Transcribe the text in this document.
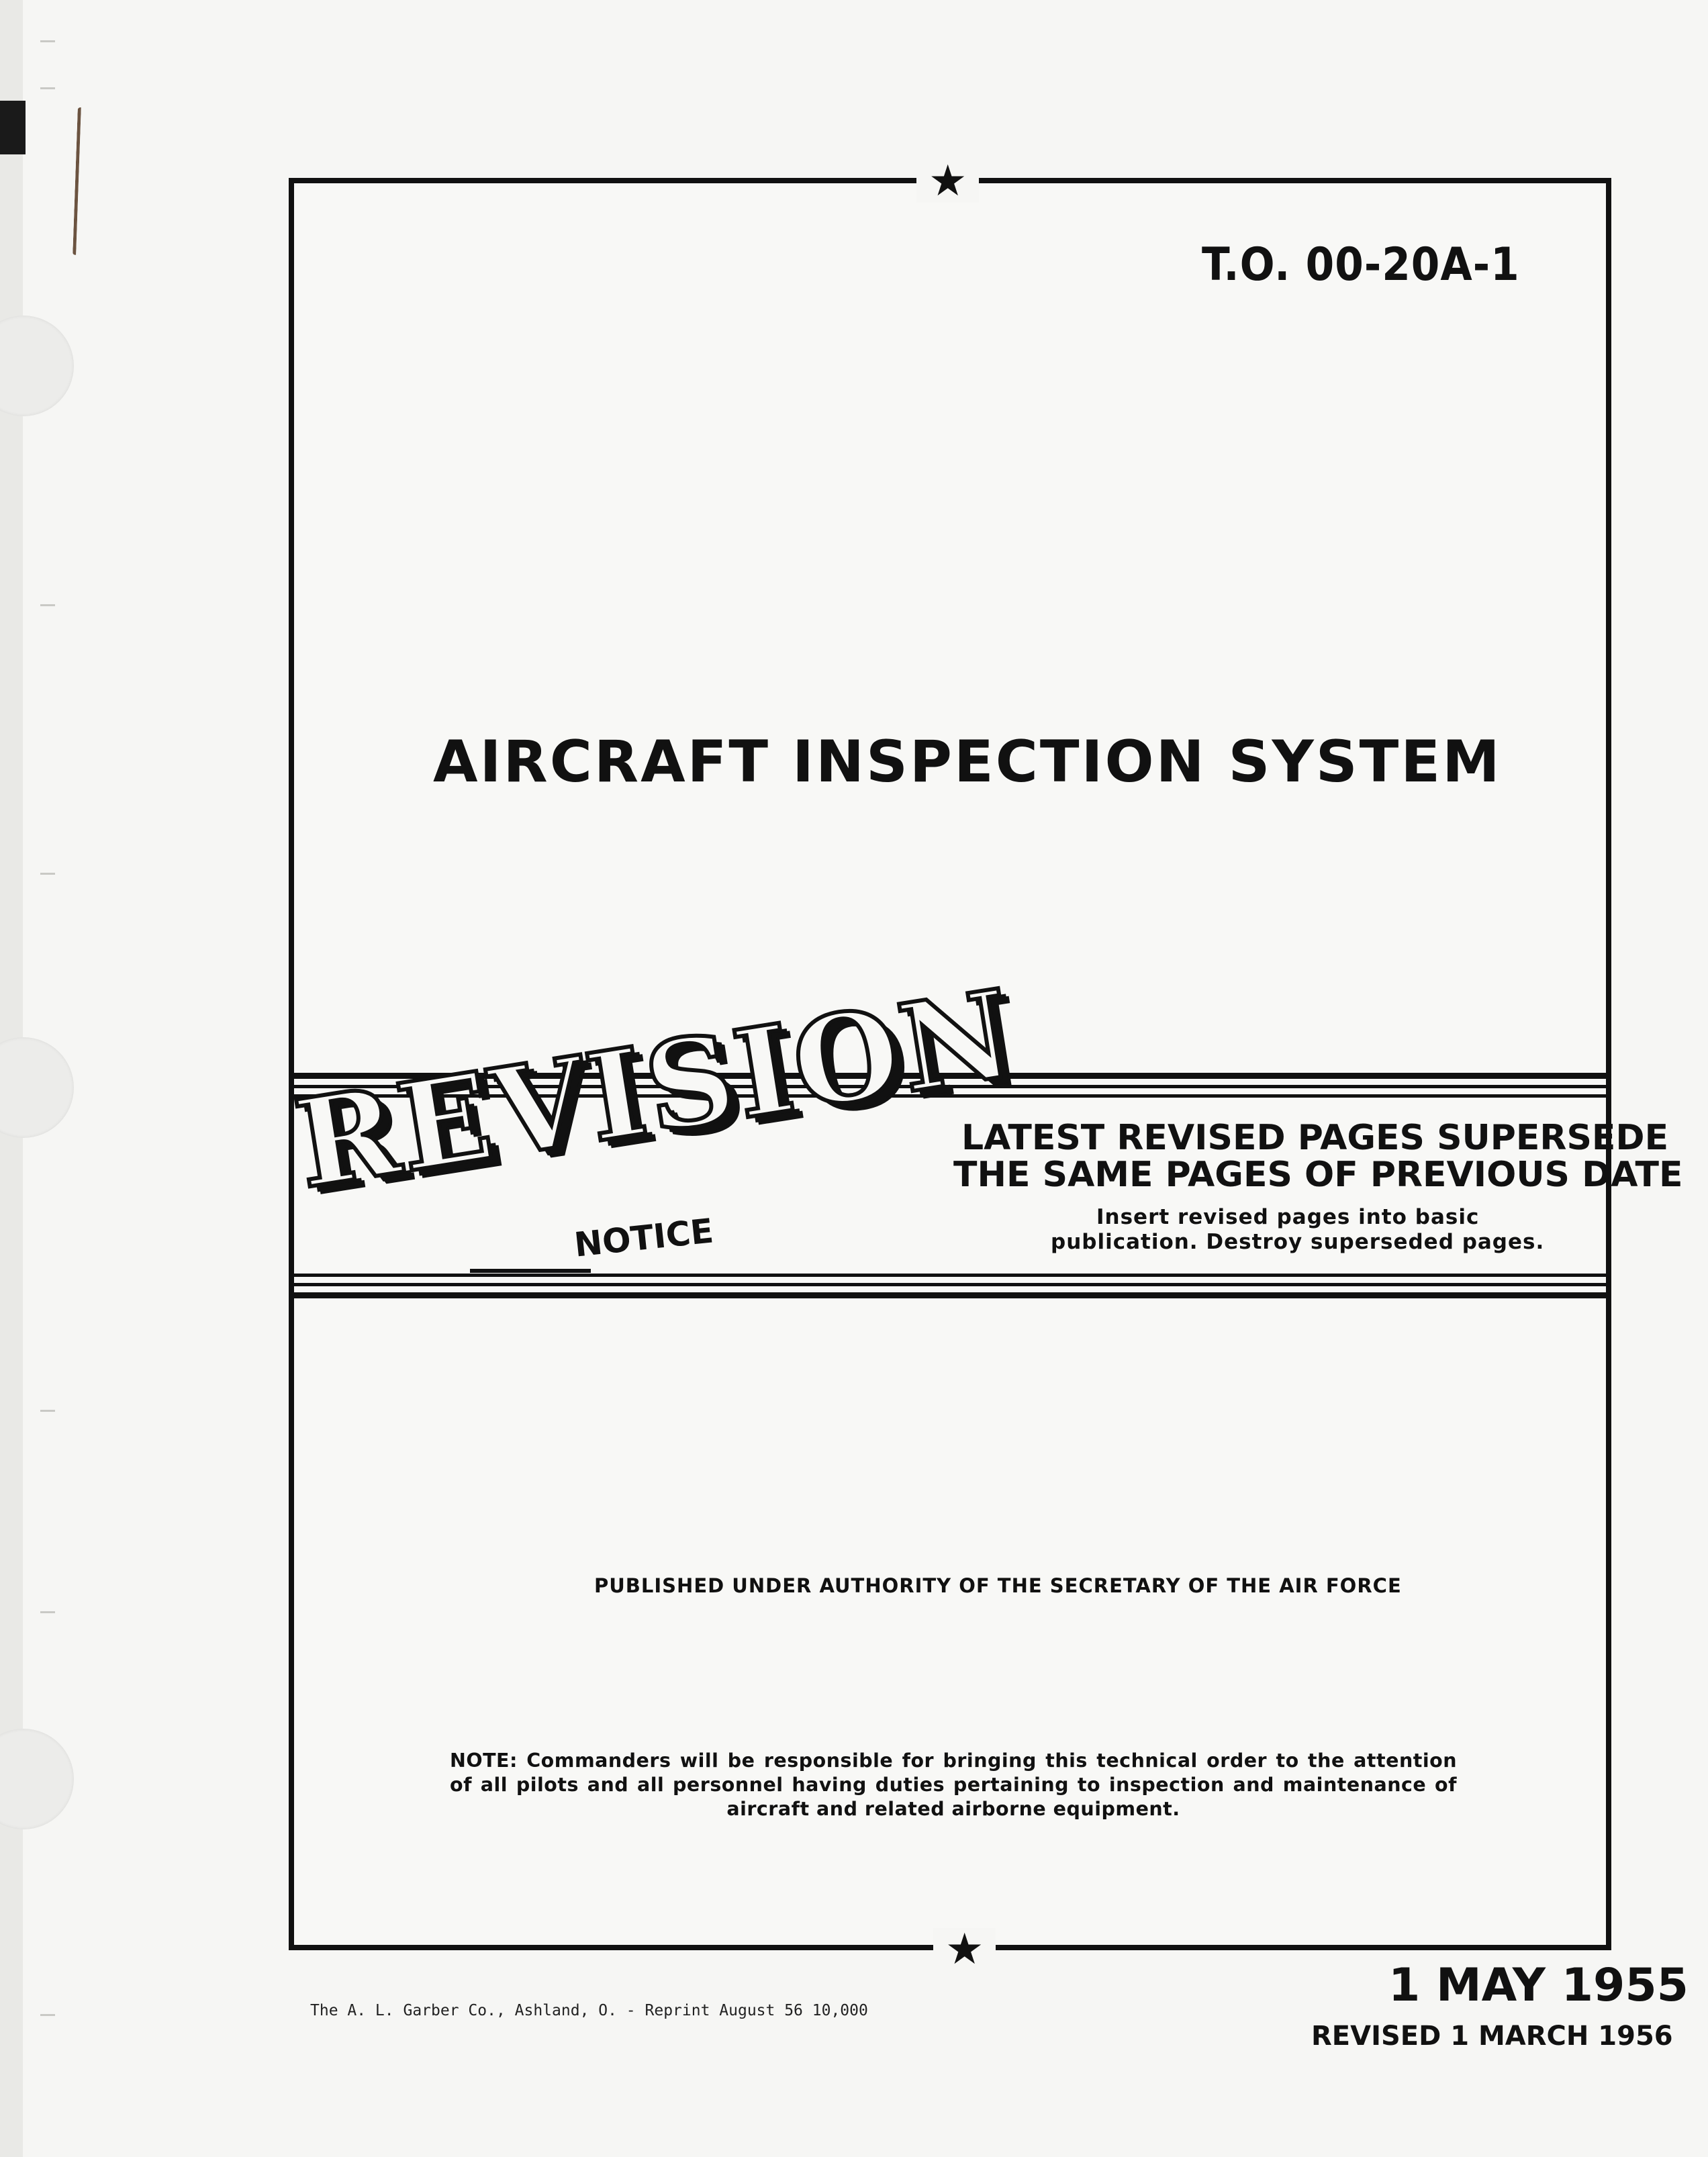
★
★
T.O. 00-20A-1
AIRCRAFT INSPECTION SYSTEM
REVISION
NOTICE
LATEST REVISED PAGES SUPERSEDE
THE SAME PAGES OF PREVIOUS DATE
Insert revised pages into basic
publication. Destroy superseded pages.
PUBLISHED UNDER AUTHORITY OF THE SECRETARY OF THE AIR FORCE
NOTE: Commanders will be responsible for bringing this technical order to the attention of all pilots and all personnel having duties pertaining to inspection and maintenance of aircraft and related airborne equipment.
The A. L. Garber Co., Ashland, O. - Reprint August 56 10,000	1 MAY 1955
REVISED 1 MARCH 1956
